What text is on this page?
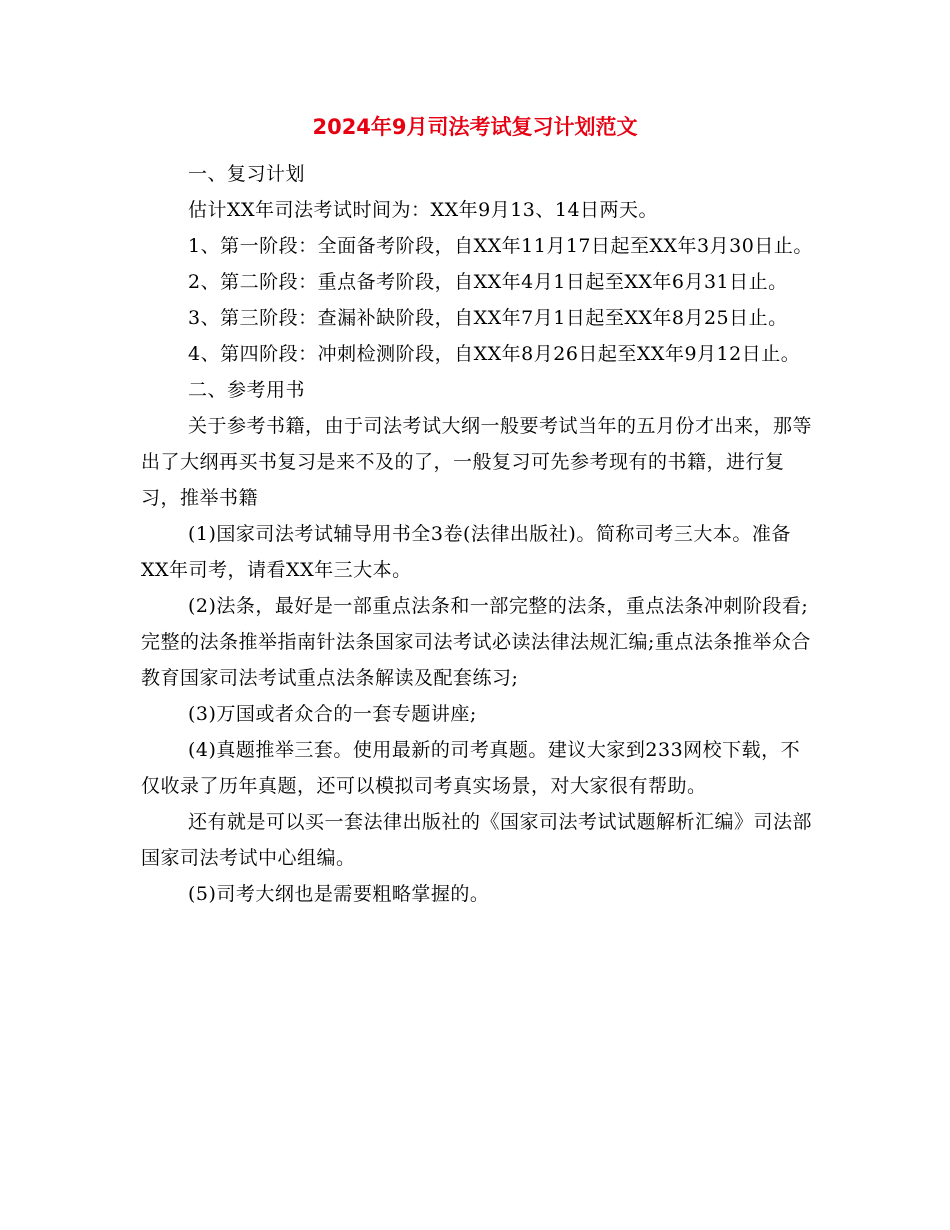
2024年9月司法考试复习计划范文

一、复习计划

估计XX年司法考试时间为：XX年9月13、14日两天。

1、第一阶段：全面备考阶段，自XX年11月17日起至XX年3月30日止。

2、第二阶段：重点备考阶段，自XX年4月1日起至XX年6月31日止。

3、第三阶段：查漏补缺阶段，自XX年7月1日起至XX年8月25日止。

4、第四阶段：冲刺检测阶段，自XX年8月26日起至XX年9月12日止。

二、参考用书

关于参考书籍，由于司法考试大纲一般要考试当年的五月份才出来，那等出了大纲再买书复习是来不及的了，一般复习可先参考现有的书籍，进行复习，推举书籍

(1)国家司法考试辅导用书全3卷(法律出版社)。简称司考三大本。准备XX年司考，请看XX年三大本。

(2)法条，最好是一部重点法条和一部完整的法条，重点法条冲刺阶段看;完整的法条推举指南针法条国家司法考试必读法律法规汇编;重点法条推举众合教育国家司法考试重点法条解读及配套练习;

(3)万国或者众合的一套专题讲座;

(4)真题推举三套。使用最新的司考真题。建议大家到233网校下载，不仅收录了历年真题，还可以模拟司考真实场景，对大家很有帮助。

还有就是可以买一套法律出版社的《国家司法考试试题解析汇编》司法部国家司法考试中心组编。

(5)司考大纲也是需要粗略掌握的。
